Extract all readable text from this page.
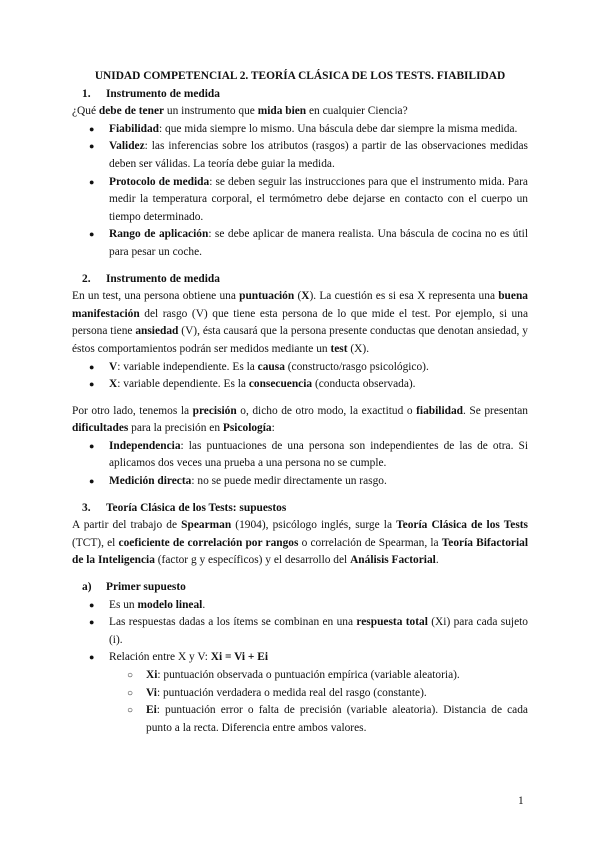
UNIDAD COMPETENCIAL 2. TEORÍA CLÁSICA DE LOS TESTS. FIABILIDAD

1. Instrumento de medida

¿Qué debe de tener un instrumento que mida bien en cualquier Ciencia?

● Fiabilidad: que mida siempre lo mismo. Una báscula debe dar siempre la misma medida.
● Validez: las inferencias sobre los atributos (rasgos) a partir de las observaciones medidas deben ser válidas. La teoría debe guiar la medida.
● Protocolo de medida: se deben seguir las instrucciones para que el instrumento mida. Para medir la temperatura corporal, el termómetro debe dejarse en contacto con el cuerpo un tiempo determinado.
● Rango de aplicación: se debe aplicar de manera realista. Una báscula de cocina no es útil para pesar un coche.
2. Instrumento de medida

En un test, una persona obtiene una puntuación (X). La cuestión es si esa X representa una buena manifestación del rasgo (V) que tiene esta persona de lo que mide el test. Por ejemplo, si una persona tiene ansiedad (V), ésta causará que la persona presente conductas que denotan ansiedad, y éstos comportamientos podrán ser medidos mediante un test (X).

● V: variable independiente. Es la causa (constructo/rasgo psicológico).
● X: variable dependiente. Es la consecuencia (conducta observada).

Por otro lado, tenemos la precisión o, dicho de otro modo, la exactitud o fiabilidad. Se presentan dificultades para la precisión en Psicología:

● Independencia: las puntuaciones de una persona son independientes de las de otra. Si aplicamos dos veces una prueba a una persona no se cumple.
● Medición directa: no se puede medir directamente un rasgo.
3. Teoría Clásica de los Tests: supuestos

A partir del trabajo de Spearman (1904), psicólogo inglés, surge la Teoría Clásica de los Tests (TCT), el coeficiente de correlación por rangos o correlación de Spearman, la Teoría Bifactorial de la Inteligencia (factor g y específicos) y el desarrollo del Análisis Factorial.

a) Primer supuesto
● Es un modelo lineal.
● Las respuestas dadas a los ítems se combinan en una respuesta total (Xi) para cada sujeto (i).
● Relación entre X y V: Xi = Vi + Ei
○ Xi: puntuación observada o puntuación empírica (variable aleatoria).
○ Vi: puntuación verdadera o medida real del rasgo (constante).
○ Ei: puntuación error o falta de precisión (variable aleatoria). Distancia de cada punto a la recta. Diferencia entre ambos valores.
1
